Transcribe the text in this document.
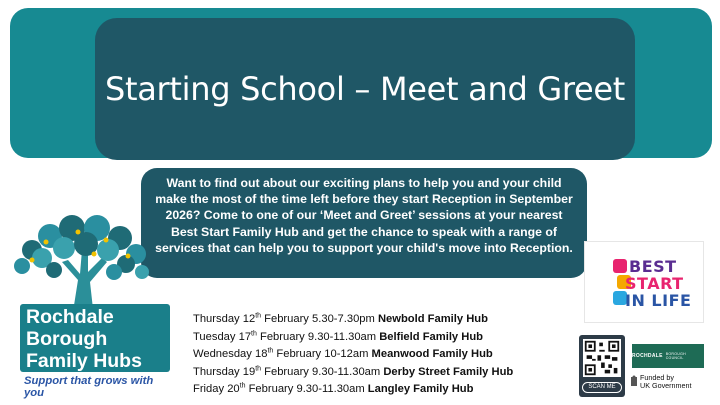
Starting School – Meet and Greet

Want to find out about our exciting plans to help you and your child make the most of the time left before they start Reception in September 2026? Come to one of our ‘Meet and Greet’ sessions at your nearest Best Start Family Hub and get the chance to speak with a range of services that can help you to support your child's move into Reception.

Rochdale
Borough
Family Hubs
Support that grows with you
Thursday 12th February 5.30-7.30pm Newbold Family Hub
Tuesday 17th February 9.30-11.30am Belfield Family Hub
Wednesday 18th February 10-12am Meanwood Family Hub
Thursday 19th February 9.30-11.30am Derby Street Family Hub
Friday 20th February 9.30-11.30am Langley Family Hub
BEST
START
IN LIFE
SCAN ME
ROCHDALE BOROUGH COUNCIL
Funded by
UK Government
